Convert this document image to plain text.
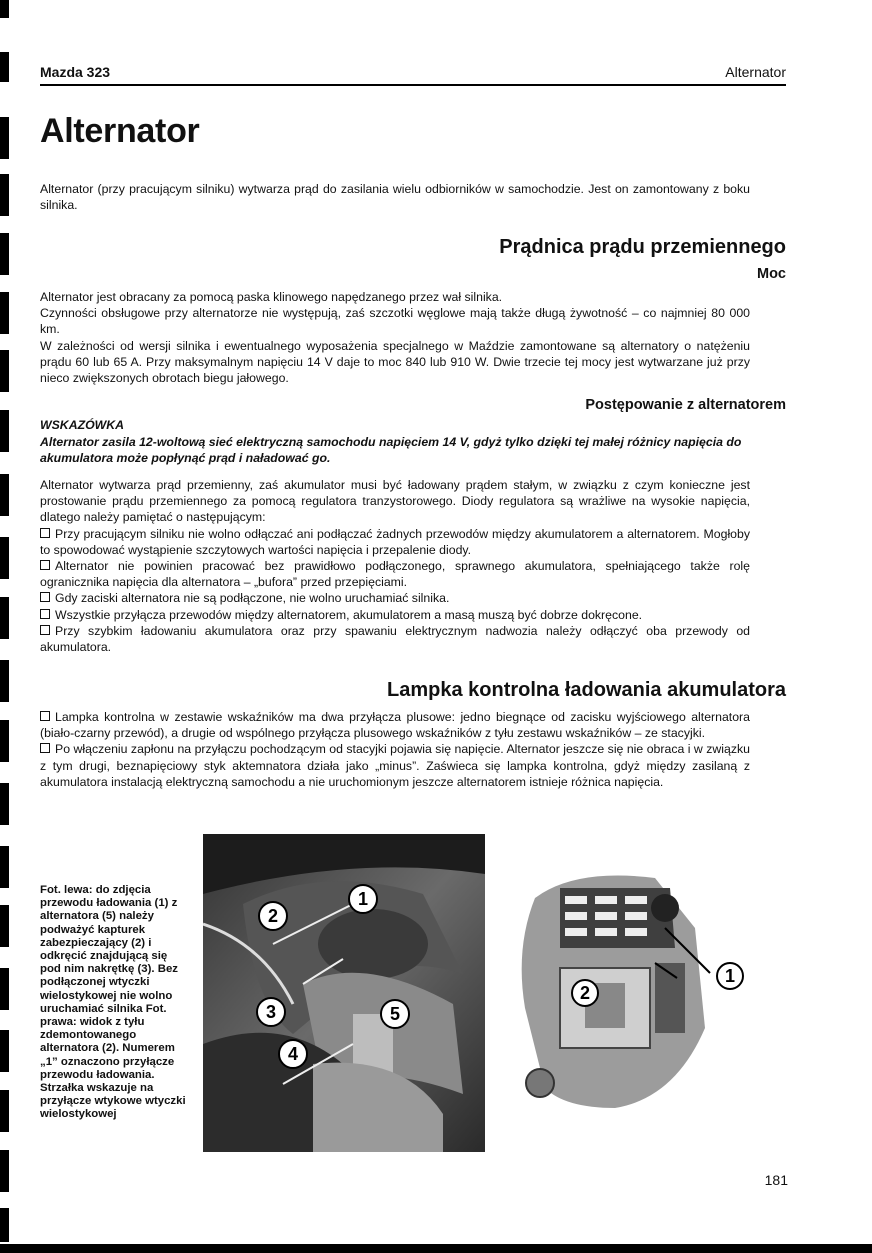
Mazda 323	Alternator
Alternator

Alternator (przy pracującym silniku) wytwarza prąd do zasilania wielu odbiorników w samochodzie. Jest on zamontowany z boku silnika.

Prądnica prądu przemiennego
Moc

Alternator jest obracany za pomocą paska klinowego napędzanego przez wał silnika.

Czynności obsługowe przy alternatorze nie występują, zaś szczotki węglowe mają także długą żywotność – co najmniej 80 000 km.

W zależności od wersji silnika i ewentualnego wyposażenia specjalnego w Maździe zamontowane są alternatory o natężeniu prądu 60 lub 65 A. Przy maksymalnym napięciu 14 V daje to moc 840 lub 910 W. Dwie trzecie tej mocy jest wytwarzane już przy nieco zwiększonych obrotach biegu jałowego.

Postępowanie z alternatorem
WSKAZÓWKA

Alternator zasila 12-woltową sieć elektryczną samochodu napięciem 14 V, gdyż tylko dzięki tej małej różnicy napięcia do akumulatora może popłynąć prąd i naładować go.

Alternator wytwarza prąd przemienny, zaś akumulator musi być ładowany prądem stałym, w związku z czym konieczne jest prostowanie prądu przemiennego za pomocą regulatora tranzystorowego. Diody regulatora są wrażliwe na wysokie napięcia, dlatego należy pamiętać o następującym:

Przy pracującym silniku nie wolno odłączać ani podłączać żadnych przewodów między akumulatorem a alternatorem. Mogłoby to spowodować wystąpienie szczytowych wartości napięcia i przepalenie diody.

Alternator nie powinien pracować bez prawidłowo podłączonego, sprawnego akumulatora, spełniającego także rolę ogranicznika napięcia dla alternatora – „bufora” przed przepięciami.

Gdy zaciski alternatora nie są podłączone, nie wolno uruchamiać silnika.

Wszystkie przyłącza przewodów między alternatorem, akumulatorem a masą muszą być dobrze dokręcone.

Przy szybkim ładowaniu akumulatora oraz przy spawaniu elektrycznym nadwozia należy odłączyć oba przewody od akumulatora.

Lampka kontrolna ładowania akumulatora

Lampka kontrolna w zestawie wskaźników ma dwa przyłącza plusowe: jedno biegnące od zacisku wyjściowego alternatora (biało-czarny przewód), a drugie od wspólnego przyłącza plusowego wskaźników z tyłu zestawu wskaźników – ze stacyjki.

Po włączeniu zapłonu na przyłączu pochodzącym od stacyjki pojawia się napięcie. Alternator jeszcze się nie obraca i w związku z tym drugi, beznapięciowy styk aktemnatora działa jako „minus”. Zaświeca się lampka kontrolna, gdyż między zasilaną z akumulatora instalacją elektryczną samochodu a nie uruchomionym jeszcze alternatorem istnieje różnica napięcia.

Fot. lewa: do zdjęcia przewodu ładowania (1) z alternatora (5) należy podważyć kapturek zabezpieczający (2) i odkręcić znajdującą się pod nim nakrętkę (3). Bez podłączonej wtyczki wielostykowej nie wolno uruchamiać silnika Fot. prawa: widok z tyłu zdemontowanego alternatora (2). Numerem „1” oznaczono przyłącze przewodu ładowania. Strzałka wskazuje na przyłącze wtykowe wtyczki wielostykowej

1
2
3
4
5
2
1
181
